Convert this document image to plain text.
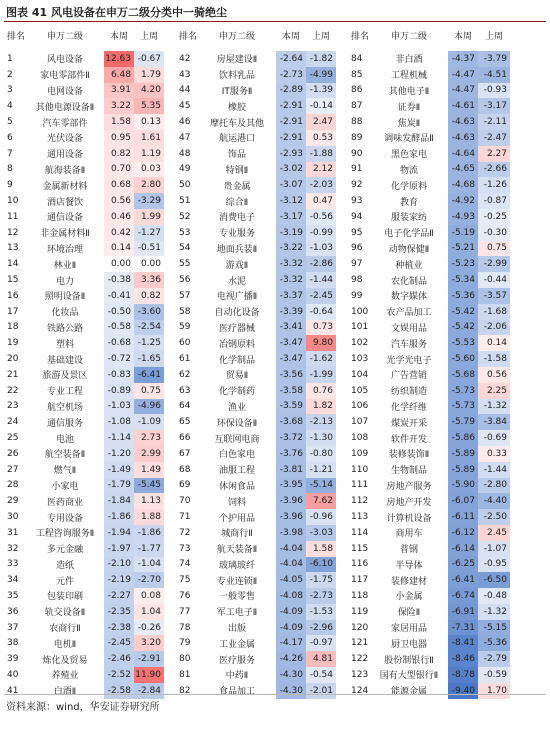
图表 41 风电设备在申万二级分类中一骑绝尘
排名	申万二级	本周	上周
1	风电设备	12.63	-0.67
2	家电零部件Ⅱ	6.48	1.79
3	电网设备	3.91	4.20
4	其他电源设备Ⅱ	3.22	5.35
5	汽车零部件	1.58	0.13
6	光伏设备	0.95	1.61
7	通用设备	0.82	1.19
8	航海装备Ⅱ	0.70	0.03
9	金属新材料	0.68	2.80
10	酒店餐饮	0.56	-3.29
11	通信设备	0.46	1.99
12	非金属材料Ⅱ	0.42	-1.27
13	环境治理	0.14	-0.51
14	林业Ⅱ	0.00	0.00
15	电力	-0.38	3.36
16	照明设备Ⅱ	-0.41	0.82
17	化妆品	-0.50	-3.60
18	铁路公路	-0.58	-2.54
19	塑料	-0.68	-1.25
20	基础建设	-0.72	-1.65
21	旅游及景区	-0.83	-6.41
22	专业工程	-0.89	0.75
23	航空机场	-1.03	-4.96
24	通信服务	-1.08	-1.09
25	电池	-1.14	2.73
26	航空装备Ⅱ	-1.20	2.99
27	燃气Ⅱ	-1.49	1.49
28	小家电	-1.79	-5.45
29	医药商业	-1.84	1.13
30	专用设备	-1.86	1.88
31	工程咨询服务Ⅱ	-1.94	-1.86
32	多元金融	-1.97	-1.77
33	造纸	-2.10	-1.04
34	元件	-2.19	-2.70
35	包装印刷	-2.27	0.08
36	轨交设备Ⅱ	-2.35	1.04
37	农商行Ⅱ	-2.38	-0.26
38	电机Ⅱ	-2.45	3.20
39	炼化及贸易	-2.46	-2.91
40	养殖业	-2.52	11.90
41	白酒Ⅱ	-2.58	-2.84
排名	申万二级	本周	上周
42	房屋建设Ⅱ	-2.64	-1.82
43	饮料乳品	-2.73	-4.99
44	IT服务Ⅱ	-2.89	-1.39
45	橡胶	-2.91	-0.14
46	摩托车及其他	-2.91	2.47
47	航运港口	-2.91	0.53
48	饰品	-2.93	-1.88
49	特钢Ⅱ	-3.02	2.12
50	贵金属	-3.07	-2.03
51	综合Ⅱ	-3.12	0.47
52	消费电子	-3.17	-0.56
53	专业服务	-3.19	-0.99
54	地面兵装Ⅱ	-3.22	-1.03
55	游戏Ⅱ	-3.32	-2.86
56	水泥	-3.32	-1.44
57	电视广播Ⅱ	-3.37	-2.45
58	自动化设备	-3.39	-0.64
59	医疗器械	-3.41	0.73
60	冶钢原料	-3.47	9.80
61	化学制品	-3.47	-1.62
62	贸易Ⅱ	-3.56	-1.99
63	化学制药	-3.58	0.76
64	渔业	-3.59	1.82
65	环保设备Ⅱ	-3.68	-2.13
66	互联网电商	-3.72	-1.30
67	白色家电	-3.76	-0.80
68	油服工程	-3.81	-1.21
69	休闲食品	-3.95	-5.14
70	饲料	-3.96	7.62
71	个护用品	-3.96	-0.96
72	城商行Ⅱ	-3.98	-3.03
73	航天装备Ⅱ	-4.04	1.58
74	玻璃玻纤	-4.04	-6.10
75	专业连锁Ⅱ	-4.05	-1.75
76	一般零售	-4.08	-2.73
77	军工电子Ⅱ	-4.09	-1.53
78	出版	-4.09	-2.96
79	工业金属	-4.17	-0.97
80	医疗服务	-4.26	4.81
81	中药Ⅱ	-4.30	-0.54
82	食品加工	-4.30	-2.01
排名	申万二级	本周	上周
84	非白酒	-4.37	-3.79
85	工程机械	-4.47	-4.51
86	其他电子Ⅱ	-4.47	-0.93
87	证券Ⅱ	-4.61	-3.17
88	焦炭Ⅱ	-4.63	-2.11
89	调味发酵品Ⅱ	-4.63	-2.47
90	黑色家电	-4.64	2.27
91	物流	-4.65	-2.66
92	化学原料	-4.68	-1.26
93	教育	-4.92	-0.87
94	服装家纺	-4.93	-0.25
95	电子化学品Ⅱ	-5.19	-0.30
96	动物保健Ⅱ	-5.21	0.75
97	种植业	-5.23	-2.99
98	农化制品	-5.34	-0.44
99	数字媒体	-5.36	-3.57
100	农产品加工	-5.42	-1.68
101	文娱用品	-5.42	-2.06
102	汽车服务	-5.53	0.14
103	光学光电子	-5.60	-1.58
104	广告营销	-5.68	0.56
105	纺织制造	-5.73	2.25
106	化学纤维	-5.73	-1.32
107	煤炭开采	-5.79	-3.84
108	软件开发	-5.86	-0.69
109	装修装饰Ⅱ	-5.89	0.33
110	生物制品	-5.89	-1.44
111	房地产服务	-5.90	-2.80
112	房地产开发	-6.07	-4.40
113	计算机设备	-6.11	-2.50
114	商用车	-6.12	2.45
115	普钢	-6.14	-1.07
116	半导体	-6.25	-0.95
117	装修建材	-6.41	-6.50
118	小金属	-6.74	-0.48
119	保险Ⅱ	-6.91	-1.32
120	家居用品	-7.31	-5.15
121	厨卫电器	-8.41	-5.36
122	股份制银行Ⅱ	-8.46	-2.79
123	国有大型银行Ⅱ	-8.78	-0.59
124	能源金属	-9.40	1.70
资料来源：wind，华安证券研究所
